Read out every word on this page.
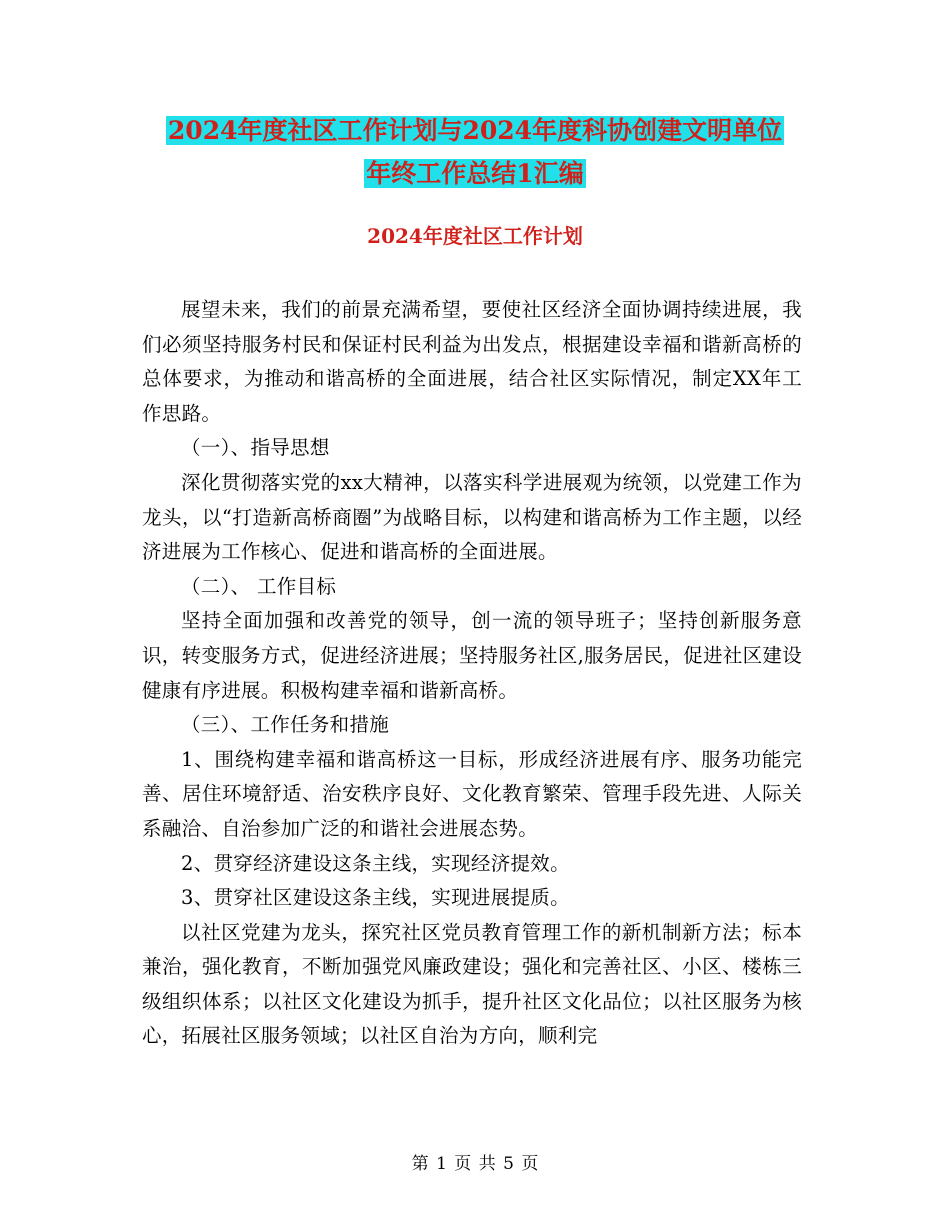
2024年度社区工作计划与2024年度科协创建文明单位
年终工作总结1汇编
2024年度社区工作计划

展望未来，我们的前景充满希望，要使社区经济全面协调持续进展，我们必须坚持服务村民和保证村民利益为出发点，根据建设幸福和谐新高桥的总体要求，为推动和谐高桥的全面进展，结合社区实际情况，制定XX年工作思路。

（一）、指导思想

深化贯彻落实党的xx大精神，以落实科学进展观为统领，以党建工作为龙头，以“打造新高桥商圈”为战略目标，以构建和谐高桥为工作主题，以经济进展为工作核心、促进和谐高桥的全面进展。

（二）、 工作目标

坚持全面加强和改善党的领导，创一流的领导班子；坚持创新服务意识，转变服务方式，促进经济进展；坚持服务社区,服务居民，促进社区建设健康有序进展。积极构建幸福和谐新高桥。

（三）、工作任务和措施

1、围绕构建幸福和谐高桥这一目标，形成经济进展有序、服务功能完善、居住环境舒适、治安秩序良好、文化教育繁荣、管理手段先进、人际关系融洽、自治参加广泛的和谐社会进展态势。

2、贯穿经济建设这条主线，实现经济提效。

3、贯穿社区建设这条主线，实现进展提质。

以社区党建为龙头，探究社区党员教育管理工作的新机制新方法；标本兼治，强化教育，不断加强党风廉政建设；强化和完善社区、小区、楼栋三级组织体系；以社区文化建设为抓手，提升社区文化品位；以社区服务为核心，拓展社区服务领域；以社区自治为方向，顺利完

第 1 页 共 5 页
